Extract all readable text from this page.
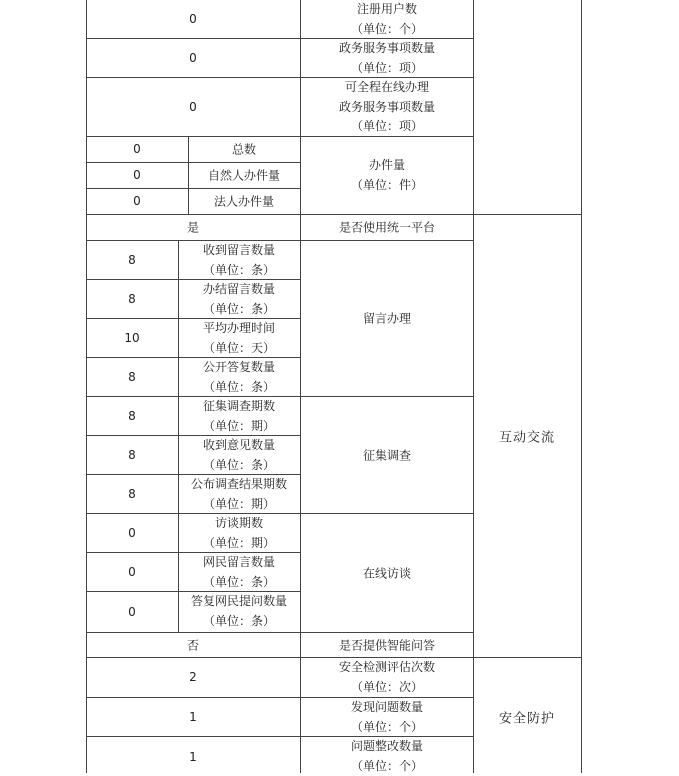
注册用户数
（单位：个）
0
政务服务事项数量
（单位：项）
0
可全程在线办理
政务服务事项数量
（单位：项）
0
办件量
（单位：件）
总数
0
自然人办件量
0
法人办件量
0
是否使用统一平台
是
互动交流
留言办理
收到留言数量
（单位：条）
8
办结留言数量
（单位：条）
8
平均办理时间
（单位：天）
10
公开答复数量
（单位：条）
8
征集调查
征集调查期数
（单位：期）
8
收到意见数量
（单位：条）
8
公布调查结果期数
（单位：期）
8
在线访谈
访谈期数
（单位：期）
0
网民留言数量
（单位：条）
0
答复网民提问数量
（单位：条）
0
是否提供智能问答
否
安全防护
安全检测评估次数
（单位：次）
2
发现问题数量
（单位：个）
1
问题整改数量
（单位：个）
1
